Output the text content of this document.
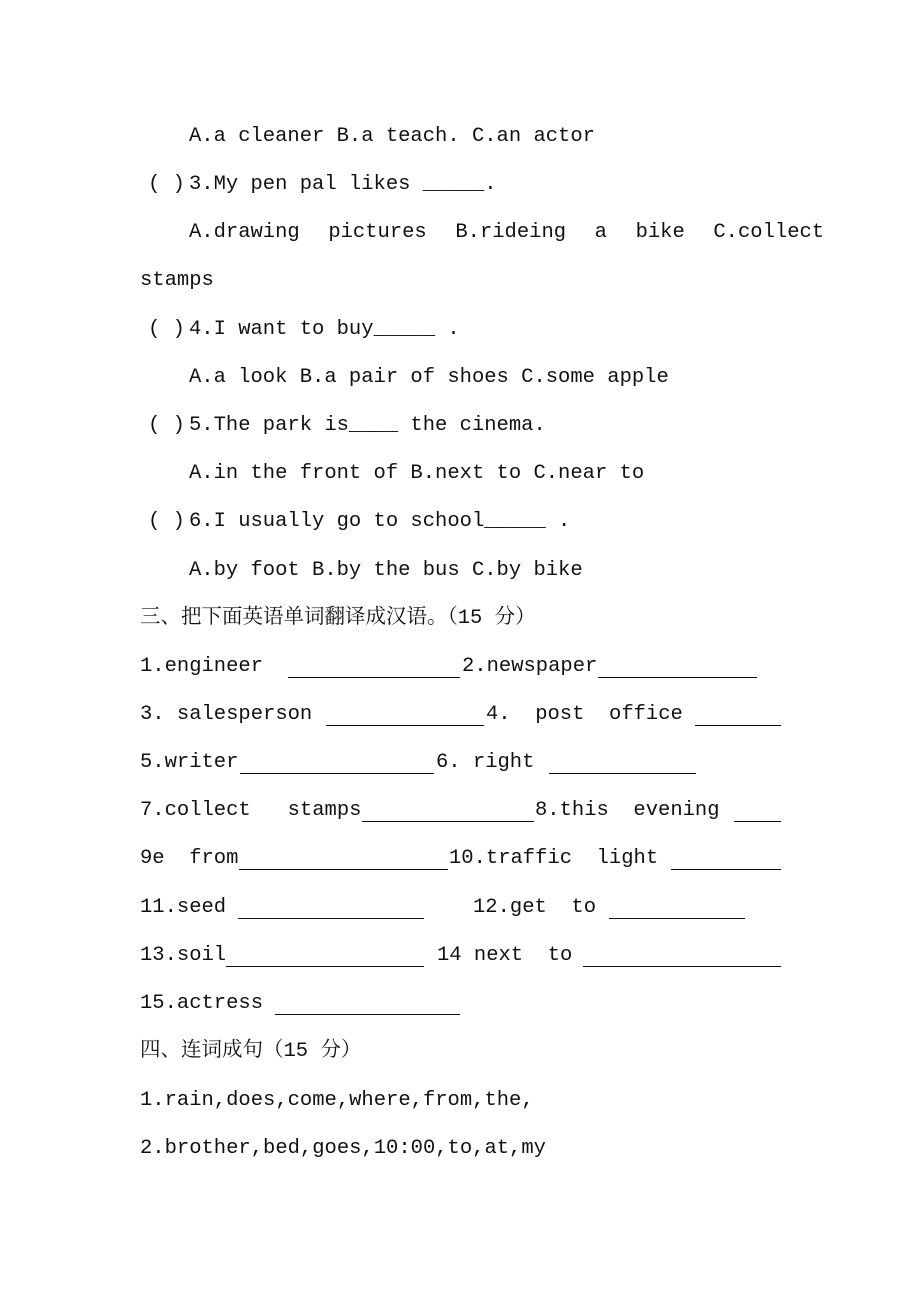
A.a cleaner B.a teach. C.an actor
( ) 3.My pen pal likes _____.
A.drawing  pictures  B.rideing  a  bike  C.collect
stamps
( ) 4.I want to buy_____ .
A.a look B.a pair of shoes C.some apple
( ) 5.The park is____ the cinema.
A.in the front of B.next to C.near to
( ) 6.I usually go to school_____ .
A.by foot B.by the bus C.by bike
三、把下面英语单词翻译成汉语。（15 分）
1.engineer	2.newspaper
3. salesperson	4.  post  office
5.writer	6. right
7.collect   stamps	8.this  evening
9e  from	10.traffic  light
11.seed	12.get  to
13.soil	14 next  to
15.actress
四、连词成句（15 分）
1.rain,does,come,where,from,the,
2.brother,bed,goes,10:00,to,at,my
